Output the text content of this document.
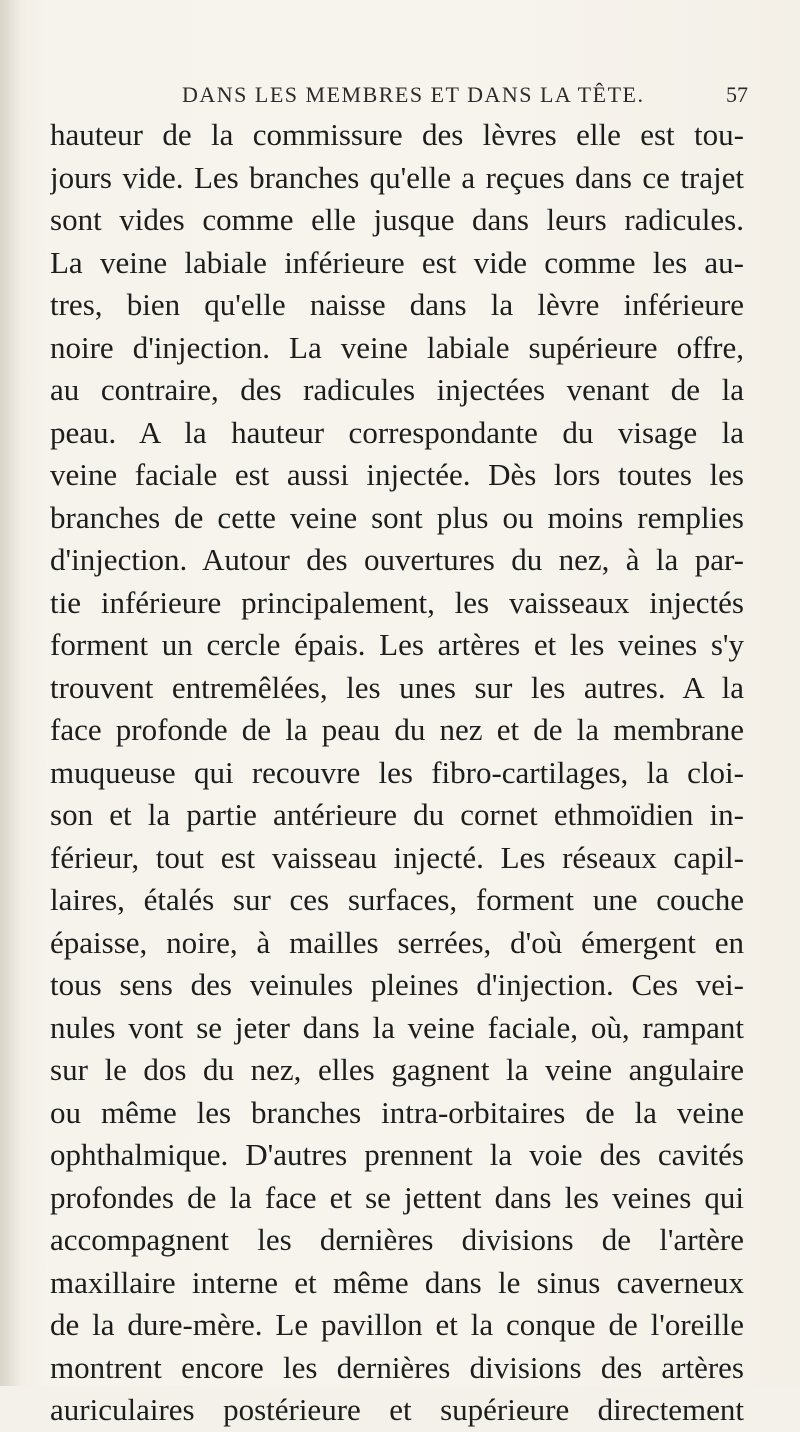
DANS LES MEMBRES ET DANS LA TÊTE.	57
hauteur de la commissure des lèvres elle est tou-
jours vide. Les branches qu'elle a reçues dans ce trajet
sont vides comme elle jusque dans leurs radicules.
La veine labiale inférieure est vide comme les au-
tres, bien qu'elle naisse dans la lèvre inférieure
noire d'injection. La veine labiale supérieure offre,
au contraire, des radicules injectées venant de la
peau. A la hauteur correspondante du visage la
veine faciale est aussi injectée. Dès lors toutes les
branches de cette veine sont plus ou moins remplies
d'injection. Autour des ouvertures du nez, à la par-
tie inférieure principalement, les vaisseaux injectés
forment un cercle épais. Les artères et les veines s'y
trouvent entremêlées, les unes sur les autres. A la
face profonde de la peau du nez et de la membrane
muqueuse qui recouvre les fibro-cartilages, la cloi-
son et la partie antérieure du cornet ethmoïdien in-
férieur, tout est vaisseau injecté. Les réseaux capil-
laires, étalés sur ces surfaces, forment une couche
épaisse, noire, à mailles serrées, d'où émergent en
tous sens des veinules pleines d'injection. Ces vei-
nules vont se jeter dans la veine faciale, où, rampant
sur le dos du nez, elles gagnent la veine angulaire
ou même les branches intra-orbitaires de la veine
ophthalmique. D'autres prennent la voie des cavités
profondes de la face et se jettent dans les veines qui
accompagnent les dernières divisions de l'artère
maxillaire interne et même dans le sinus caverneux
de la dure-mère. Le pavillon et la conque de l'oreille
montrent encore les dernières divisions des artères
auriculaires postérieure et supérieure directement
